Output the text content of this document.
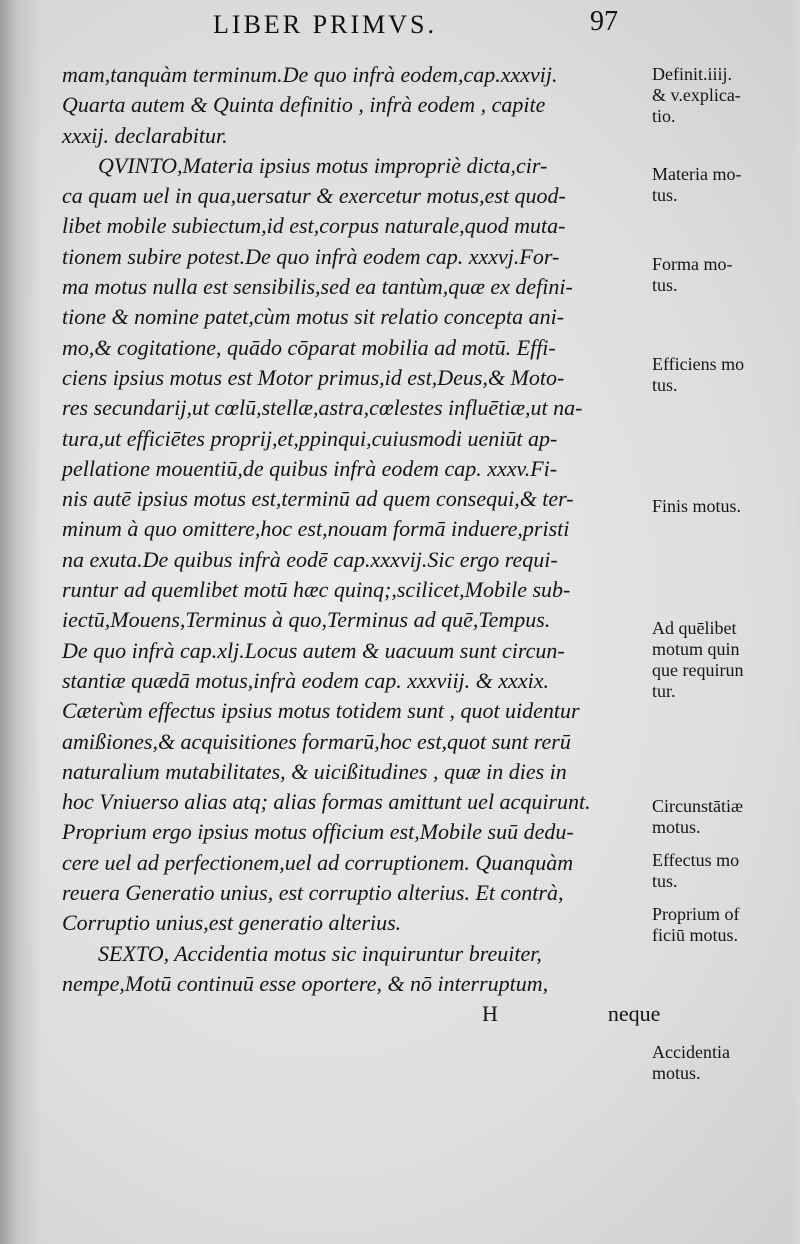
LIBER PRIMVS.	97
mam,tanquàm terminum.De quo infrà eodem,cap.xxxvij.
Quarta autem & Quinta definitio , infrà eodem , capite
xxxij. declarabitur.
QVINTO,Materia ipsius motus impropriè dicta,cir-
ca quam uel in qua,uersatur & exercetur motus,est quod-
libet mobile subiectum,id est,corpus naturale,quod muta-
tionem subire potest.De quo infrà eodem cap. xxxvj.For-
ma motus nulla est sensibilis,sed ea tantùm,quæ ex defini-
tione & nomine patet,cùm motus sit relatio concepta ani-
mo,& cogitatione, quādo cōparat mobilia ad motū. Effi-
ciens ipsius motus est Motor primus,id est,Deus,& Moto-
res secundarij,ut cœlū,stellæ,astra,cœlestes influētiæ,ut na-
tura,ut efficiētes proprij,et,ppinqui,cuiusmodi ueniūt ap-
pellatione mouentiū,de quibus infrà eodem cap. xxxv.Fi-
nis autē ipsius motus est,terminū ad quem consequi,& ter-
minum à quo omittere,hoc est,nouam formā induere,pristi
na exuta.De quibus infrà eodē cap.xxxvij.Sic ergo requi-
runtur ad quemlibet motū hæc quinq;,scilicet,Mobile sub-
iectū,Mouens,Terminus à quo,Terminus ad quē,Tempus.
De quo infrà cap.xlj.Locus autem & uacuum sunt circun-
stantiæ quædā motus,infrà eodem cap. xxxviij. & xxxix.
Cæterùm effectus ipsius motus totidem sunt , quot uidentur
amißiones,& acquisitiones formarū,hoc est,quot sunt rerū
naturalium mutabilitates, & uicißitudines , quæ in dies in
hoc Vniuerso alias atq; alias formas amittunt uel acquirunt.
Proprium ergo ipsius motus officium est,Mobile suū dedu-
cere uel ad perfectionem,uel ad corruptionem. Quanquàm
reuera Generatio unius, est corruptio alterius. Et contrà,
Corruptio unius,est generatio alterius.
SEXTO, Accidentia motus sic inquiruntur breuiter,
nempe,Motū continuū esse oportere, & nō interruptum,
H	neque
Definit.iiij.
& v.explica-
tio.
Materia mo-
tus.
Forma mo-
tus.
Efficiens mo
tus.
Finis motus.
Ad quēlibet
motum quin
que requirun
tur.
Circunstātiæ
motus.
Effectus mo
tus.
Proprium of
ficiū motus.
Accidentia
motus.
